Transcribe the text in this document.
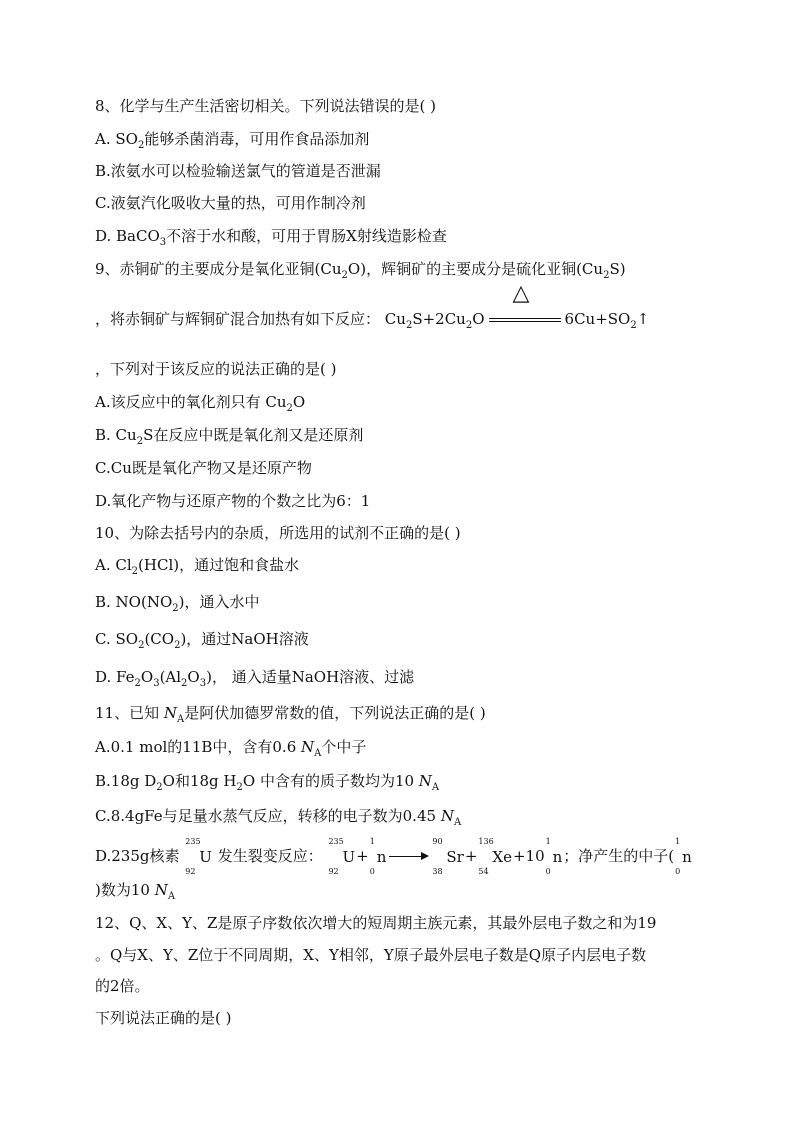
8、化学与生产生活密切相关。下列说法错误的是( )
A. $SO_2$能够杀菌消毒，可用作食品添加剂
B.浓氨水可以检验输送氯气的管道是否泄漏
C.液氨汽化吸收大量的热，可用作制冷剂
D. BaCO$_3$不溶于水和酸，可用于胃肠X射线造影检查
9、赤铜矿的主要成分是氧化亚铜$(Cu_2O)$，辉铜矿的主要成分是硫化亚铜$(Cu_2S)$
，将赤铜矿与辉铜矿混合加热有如下反应： $Cu_2S+2Cu_2O$
△
$6Cu+SO_2↑$
，下列对于该反应的说法正确的是( )
A.该反应中的氧化剂只有 $Cu_2O$
B. $Cu_2S$在反应中既是氧化剂又是还原剂
C.Cu既是氧化产物又是还原产物
D.氧化产物与还原产物的个数之比为6：1
10、为除去括号内的杂质，所选用的试剂不正确的是( )
A. $Cl_2(HCl)$，通过饱和食盐水
B. $NO(NO_2)$，通入水中
C. $SO_2(CO_2)$，通过NaOH溶液
D. $Fe_2O_3(Al_2O_3)$， 通入适量NaOH溶液、过滤
11、已知 $N_A$是阿伏加德罗常数的值，下列说法正确的是( )
A.0.1 mol的11B中，含有0.6 $N_A$个中子
B.18g $D_2O$和18g $H_2O$ 中含有的质子数均为10 $N_A$
C.8.4gFe与足量水蒸气反应，转移的电子数为0.45 $N_A$
D.235g核素
235
92
U 发生裂变反应：
235
92
U+
1
0
n
90
38
Sr+
136
54
Xe+10
1
0
n；净产生的中子(
1
0
n
)数为10 $N_A$
12、Q、X、Y、Z是原子序数依次增大的短周期主族元素，其最外层电子数之和为19
。Q与X、Y、Z位于不同周期，X、Y相邻，Y原子最外层电子数是Q原子内层电子数
的2倍。
下列说法正确的是( )
